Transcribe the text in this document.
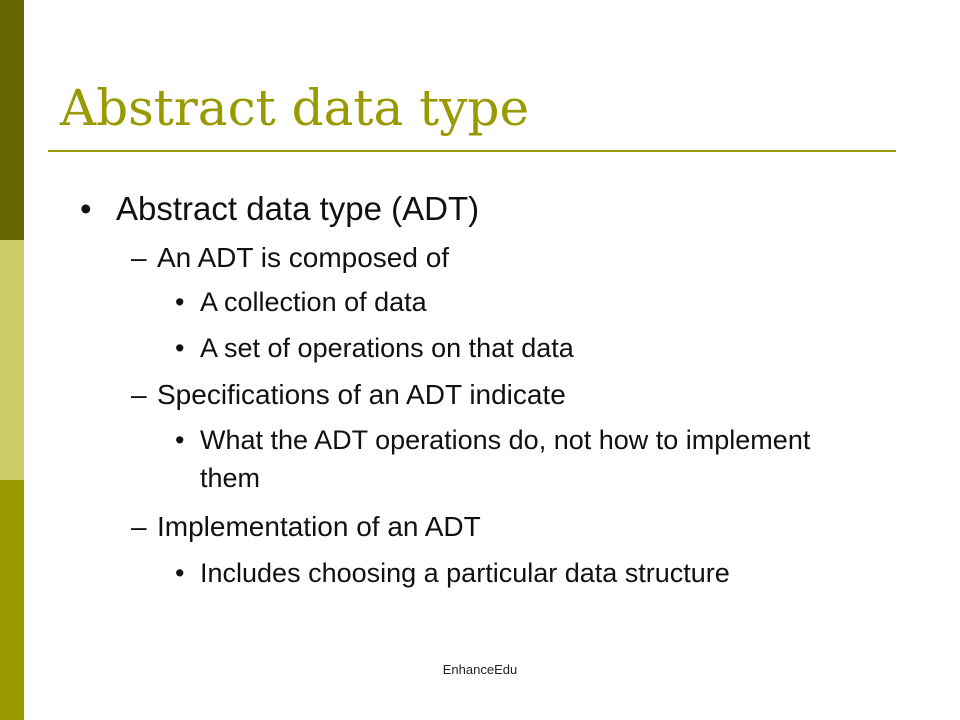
Abstract data type
• Abstract data type (ADT)
– An ADT is composed of
• A collection of data
• A set of operations on that data
– Specifications of an ADT indicate
• What the ADT operations do, not how to implement
them
– Implementation of an ADT
• Includes choosing a particular data structure
EnhanceEdu
